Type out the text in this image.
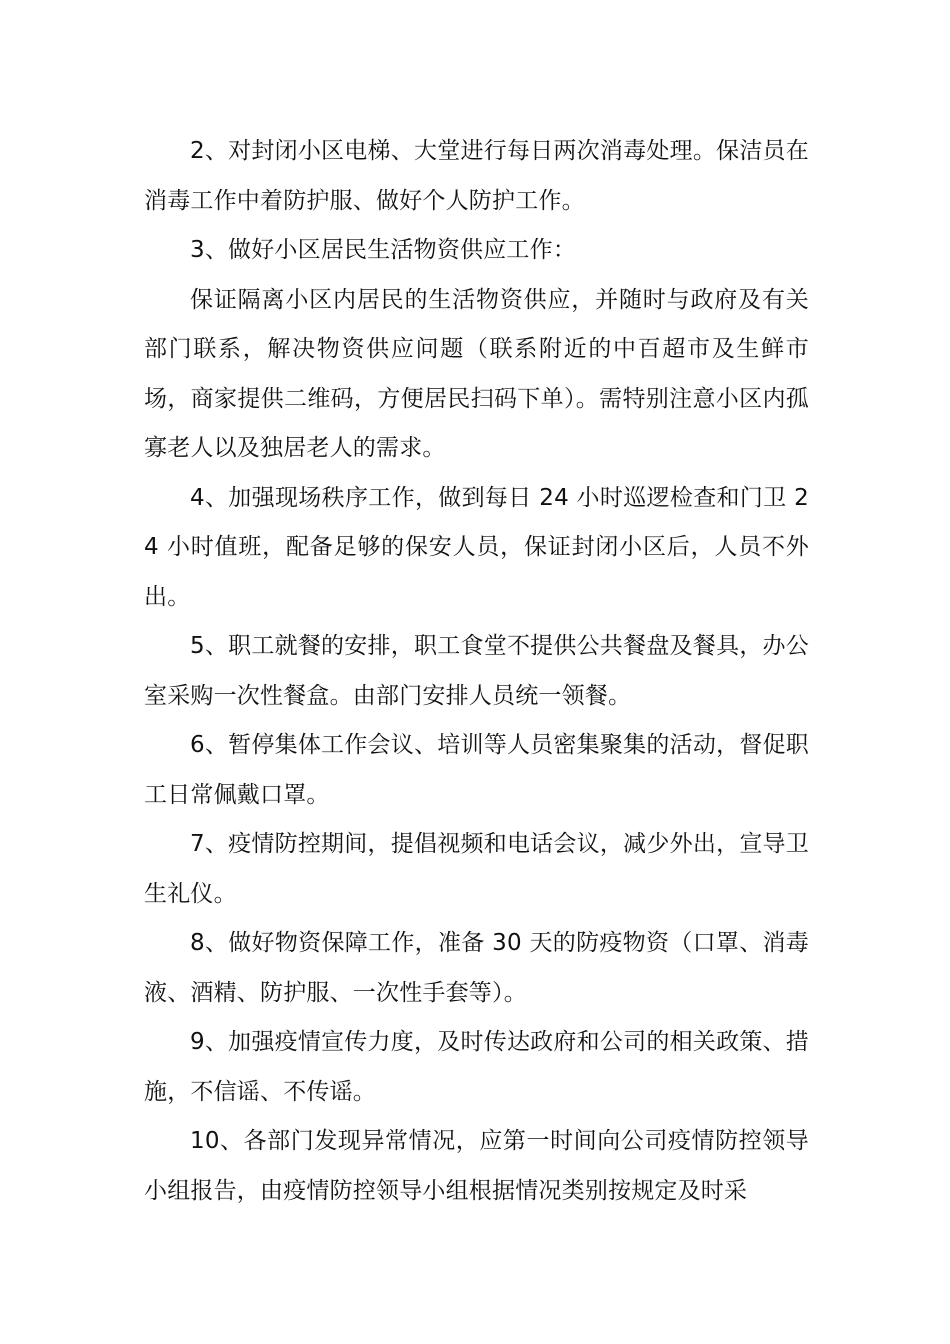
2、对封闭小区电梯、大堂进行每日两次消毒处理。保洁员在消毒工作中着防护服、做好个人防护工作。

3、做好小区居民生活物资供应工作：

保证隔离小区内居民的生活物资供应，并随时与政府及有关部门联系，解决物资供应问题（联系附近的中百超市及生鲜市场，商家提供二维码，方便居民扫码下单）。需特别注意小区内孤寡老人以及独居老人的需求。

4、加强现场秩序工作，做到每日 24 小时巡逻检查和门卫 24 小时值班，配备足够的保安人员，保证封闭小区后，人员不外出。

5、职工就餐的安排，职工食堂不提供公共餐盘及餐具，办公室采购一次性餐盒。由部门安排人员统一领餐。

6、暂停集体工作会议、培训等人员密集聚集的活动，督促职工日常佩戴口罩。

7、疫情防控期间，提倡视频和电话会议，减少外出，宣导卫生礼仪。

8、做好物资保障工作，准备 30 天的防疫物资（口罩、消毒液、酒精、防护服、一次性手套等）。

9、加强疫情宣传力度，及时传达政府和公司的相关政策、措施，不信谣、不传谣。

10、各部门发现异常情况，应第一时间向公司疫情防控领导小组报告，由疫情防控领导小组根据情况类别按规定及时采
